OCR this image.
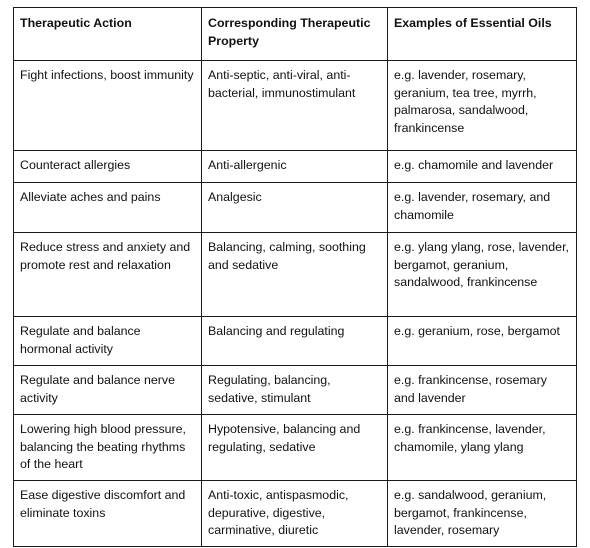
Therapeutic Action	Corresponding Therapeutic Property	Examples of Essential Oils
Fight infections, boost immunity	Anti-septic, anti-viral, anti-bacterial, immunostimulant	e.g. lavender, rosemary, geranium, tea tree, myrrh, palmarosa, sandalwood, frankincense
Counteract allergies	Anti-allergenic	e.g. chamomile and lavender
Alleviate aches and pains	Analgesic	e.g. lavender, rosemary, and chamomile
Reduce stress and anxiety and promote rest and relaxation	Balancing, calming, soothing and sedative	e.g. ylang ylang, rose, lavender, bergamot, geranium, sandalwood, frankincense
Regulate and balance hormonal activity	Balancing and regulating	e.g. geranium, rose, bergamot
Regulate and balance nerve activity	Regulating, balancing, sedative, stimulant	e.g. frankincense, rosemary and lavender
Lowering high blood pressure, balancing the beating rhythms of the heart	Hypotensive, balancing and regulating, sedative	e.g. frankincense, lavender, chamomile, ylang ylang
Ease digestive discomfort and eliminate toxins	Anti-toxic, antispasmodic, depurative, digestive, carminative, diuretic	e.g. sandalwood, geranium, bergamot, frankincense, lavender, rosemary
